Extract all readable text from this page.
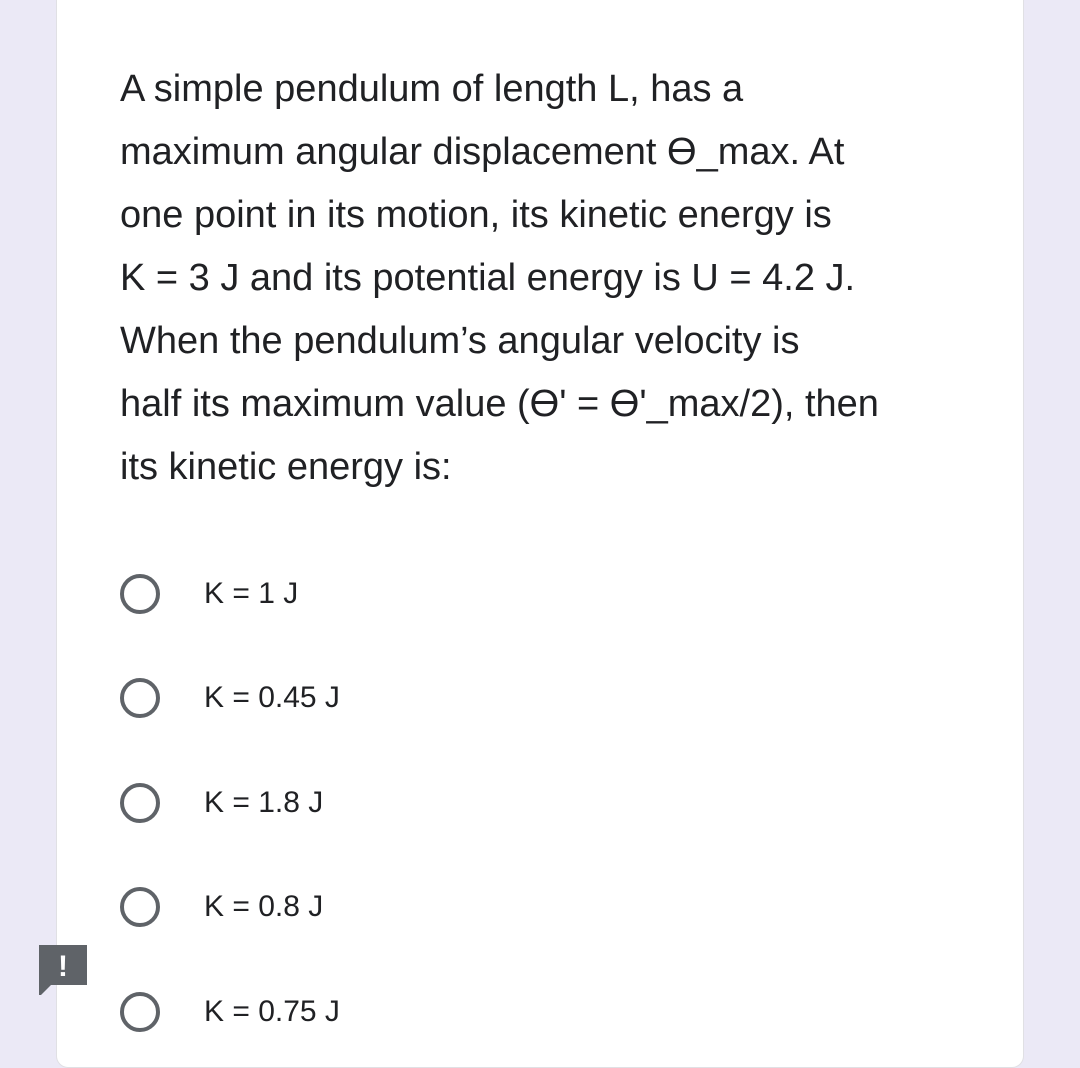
A simple pendulum of length L, has a
maximum angular displacement ϴ_max. At
one point in its motion, its kinetic energy is
K = 3 J and its potential energy is U = 4.2 J.
When the pendulum’s angular velocity is
half its maximum value (ϴ' = ϴ'_max/2), then
its kinetic energy is:
K = 1 J
K = 0.45 J
K = 1.8 J
K = 0.8 J
K = 0.75 J
!
